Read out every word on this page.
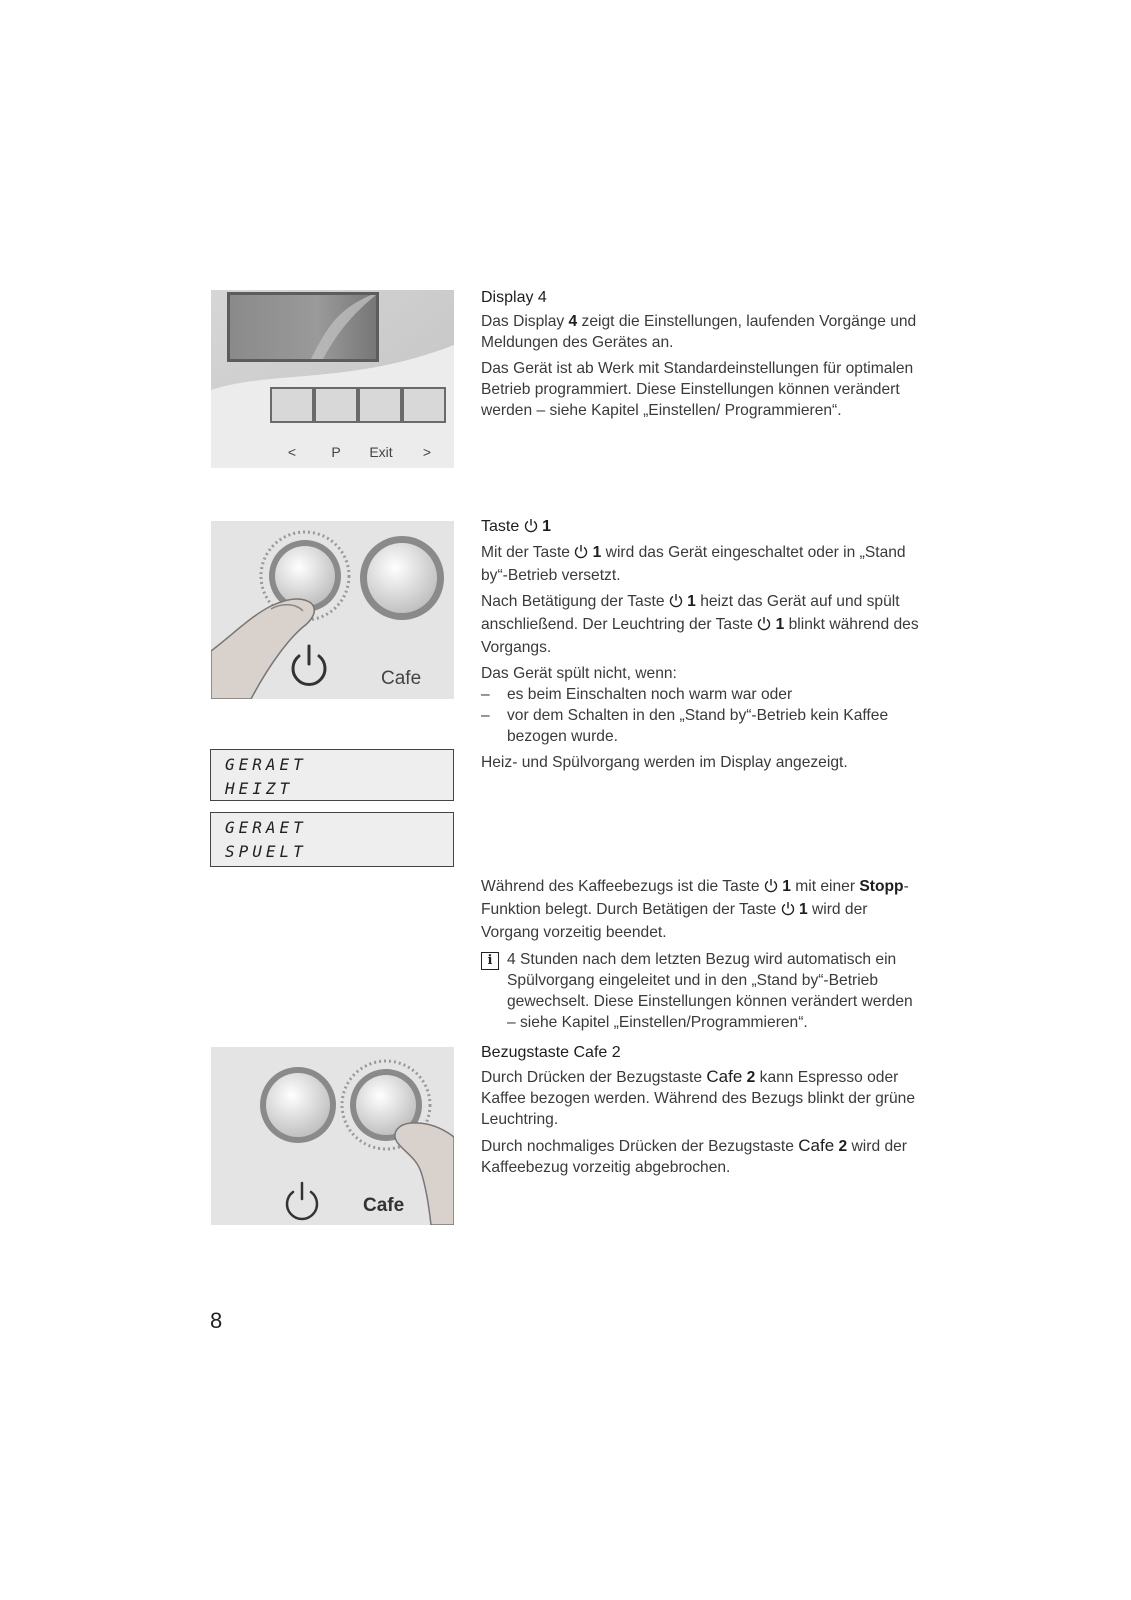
<	P Exit >
Cafe
GERAET
HEIZT
GERAET
SPUELT
Cafe
Display 4

Das Display 4 zeigt die Einstellungen, laufenden Vorgänge und Meldungen des Gerätes an.

Das Gerät ist ab Werk mit Standardeinstellungen für optimalen Betrieb programmiert. Diese Einstellungen können verändert werden – siehe Kapitel „Einstellen/ Programmieren“.

Taste  1

Mit der Taste  1 wird das Gerät eingeschaltet oder in „Stand by“-Betrieb versetzt.

Nach Betätigung der Taste  1 heizt das Gerät auf und spült anschließend. Der Leuchtring der Taste  1 blinkt während des Vorgangs.

Das Gerät spült nicht, wenn:
– es beim Einschalten noch warm war oder
– vor dem Schalten in den „Stand by“-Betrieb kein Kaffee bezogen wurde.

Heiz- und Spülvorgang werden im Display angezeigt.

Während des Kaffeebezugs ist die Taste  1 mit einer Stopp-Funktion belegt. Durch Betätigen der Taste  1 wird der Vorgang vorzeitig beendet.

i 4 Stunden nach dem letzten Bezug wird automatisch ein Spülvorgang eingeleitet und in den „Stand by“-Betrieb gewechselt. Diese Einstellungen können verändert werden – siehe Kapitel „Einstellen/Programmieren“.
Bezugstaste Cafe 2

Durch Drücken der Bezugstaste Cafe 2 kann Espresso oder Kaffee bezogen werden. Während des Bezugs blinkt der grüne Leuchtring.

Durch nochmaliges Drücken der Bezugstaste Cafe 2 wird der Kaffeebezug vorzeitig abgebrochen.

8
